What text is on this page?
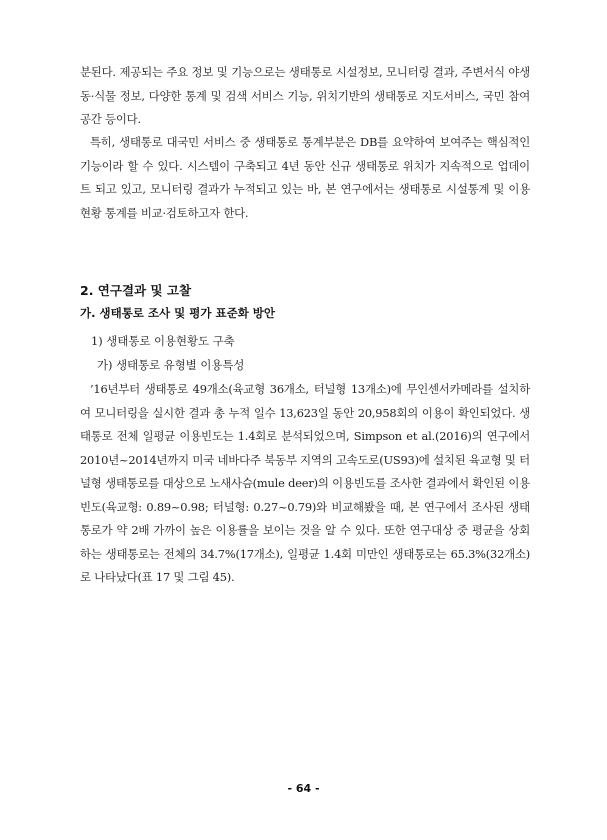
분된다. 제공되는 주요 정보 및 기능으로는 생태통로 시설정보, 모니터링 결과, 주변서식 야생 동·식물 정보, 다양한 통계 및 검색 서비스 기능, 위치기반의 생태통로 지도서비스, 국민 참여 공간 등이다.

특히, 생태통로 대국민 서비스 중 생태통로 통계부분은 DB를 요약하여 보여주는 핵심적인 기능이라 할 수 있다. 시스템이 구축되고 4년 동안 신규 생태통로 위치가 지속적으로 업데이트 되고 있고, 모니터링 결과가 누적되고 있는 바, 본 연구에서는 생태통로 시설통계 및 이용현황 통계를 비교·검토하고자 한다.

2. 연구결과 및 고찰
가. 생태통로 조사 및 평가 표준화 방안

1) 생태통로 이용현황도 구축

가) 생태통로 유형별 이용특성

’16년부터 생태통로 49개소(육교형 36개소, 터널형 13개소)에 무인센서카메라를 설치하여 모니터링을 실시한 결과 총 누적 일수 13,623일 동안 20,958회의 이용이 확인되었다. 생태통로 전체 일평균 이용빈도는 1.4회로 분석되었으며, Simpson et al.(2016)의 연구에서 2010년~2014년까지 미국 네바다주 북동부 지역의 고속도로(US93)에 설치된 육교형 및 터널형 생태통로를 대상으로 노새사슴(mule deer)의 이용빈도를 조사한 결과에서 확인된 이용빈도(육교형: 0.89~0.98; 터널형: 0.27~0.79)와 비교해봤을 때, 본 연구에서 조사된 생태통로가 약 2배 가까이 높은 이용률을 보이는 것을 알 수 있다. 또한 연구대상 중 평균을 상회하는 생태통로는 전체의 34.7%(17개소), 일평균 1.4회 미만인 생태통로는 65.3%(32개소)로 나타났다(표 17 및 그림 45).

- 64 -
